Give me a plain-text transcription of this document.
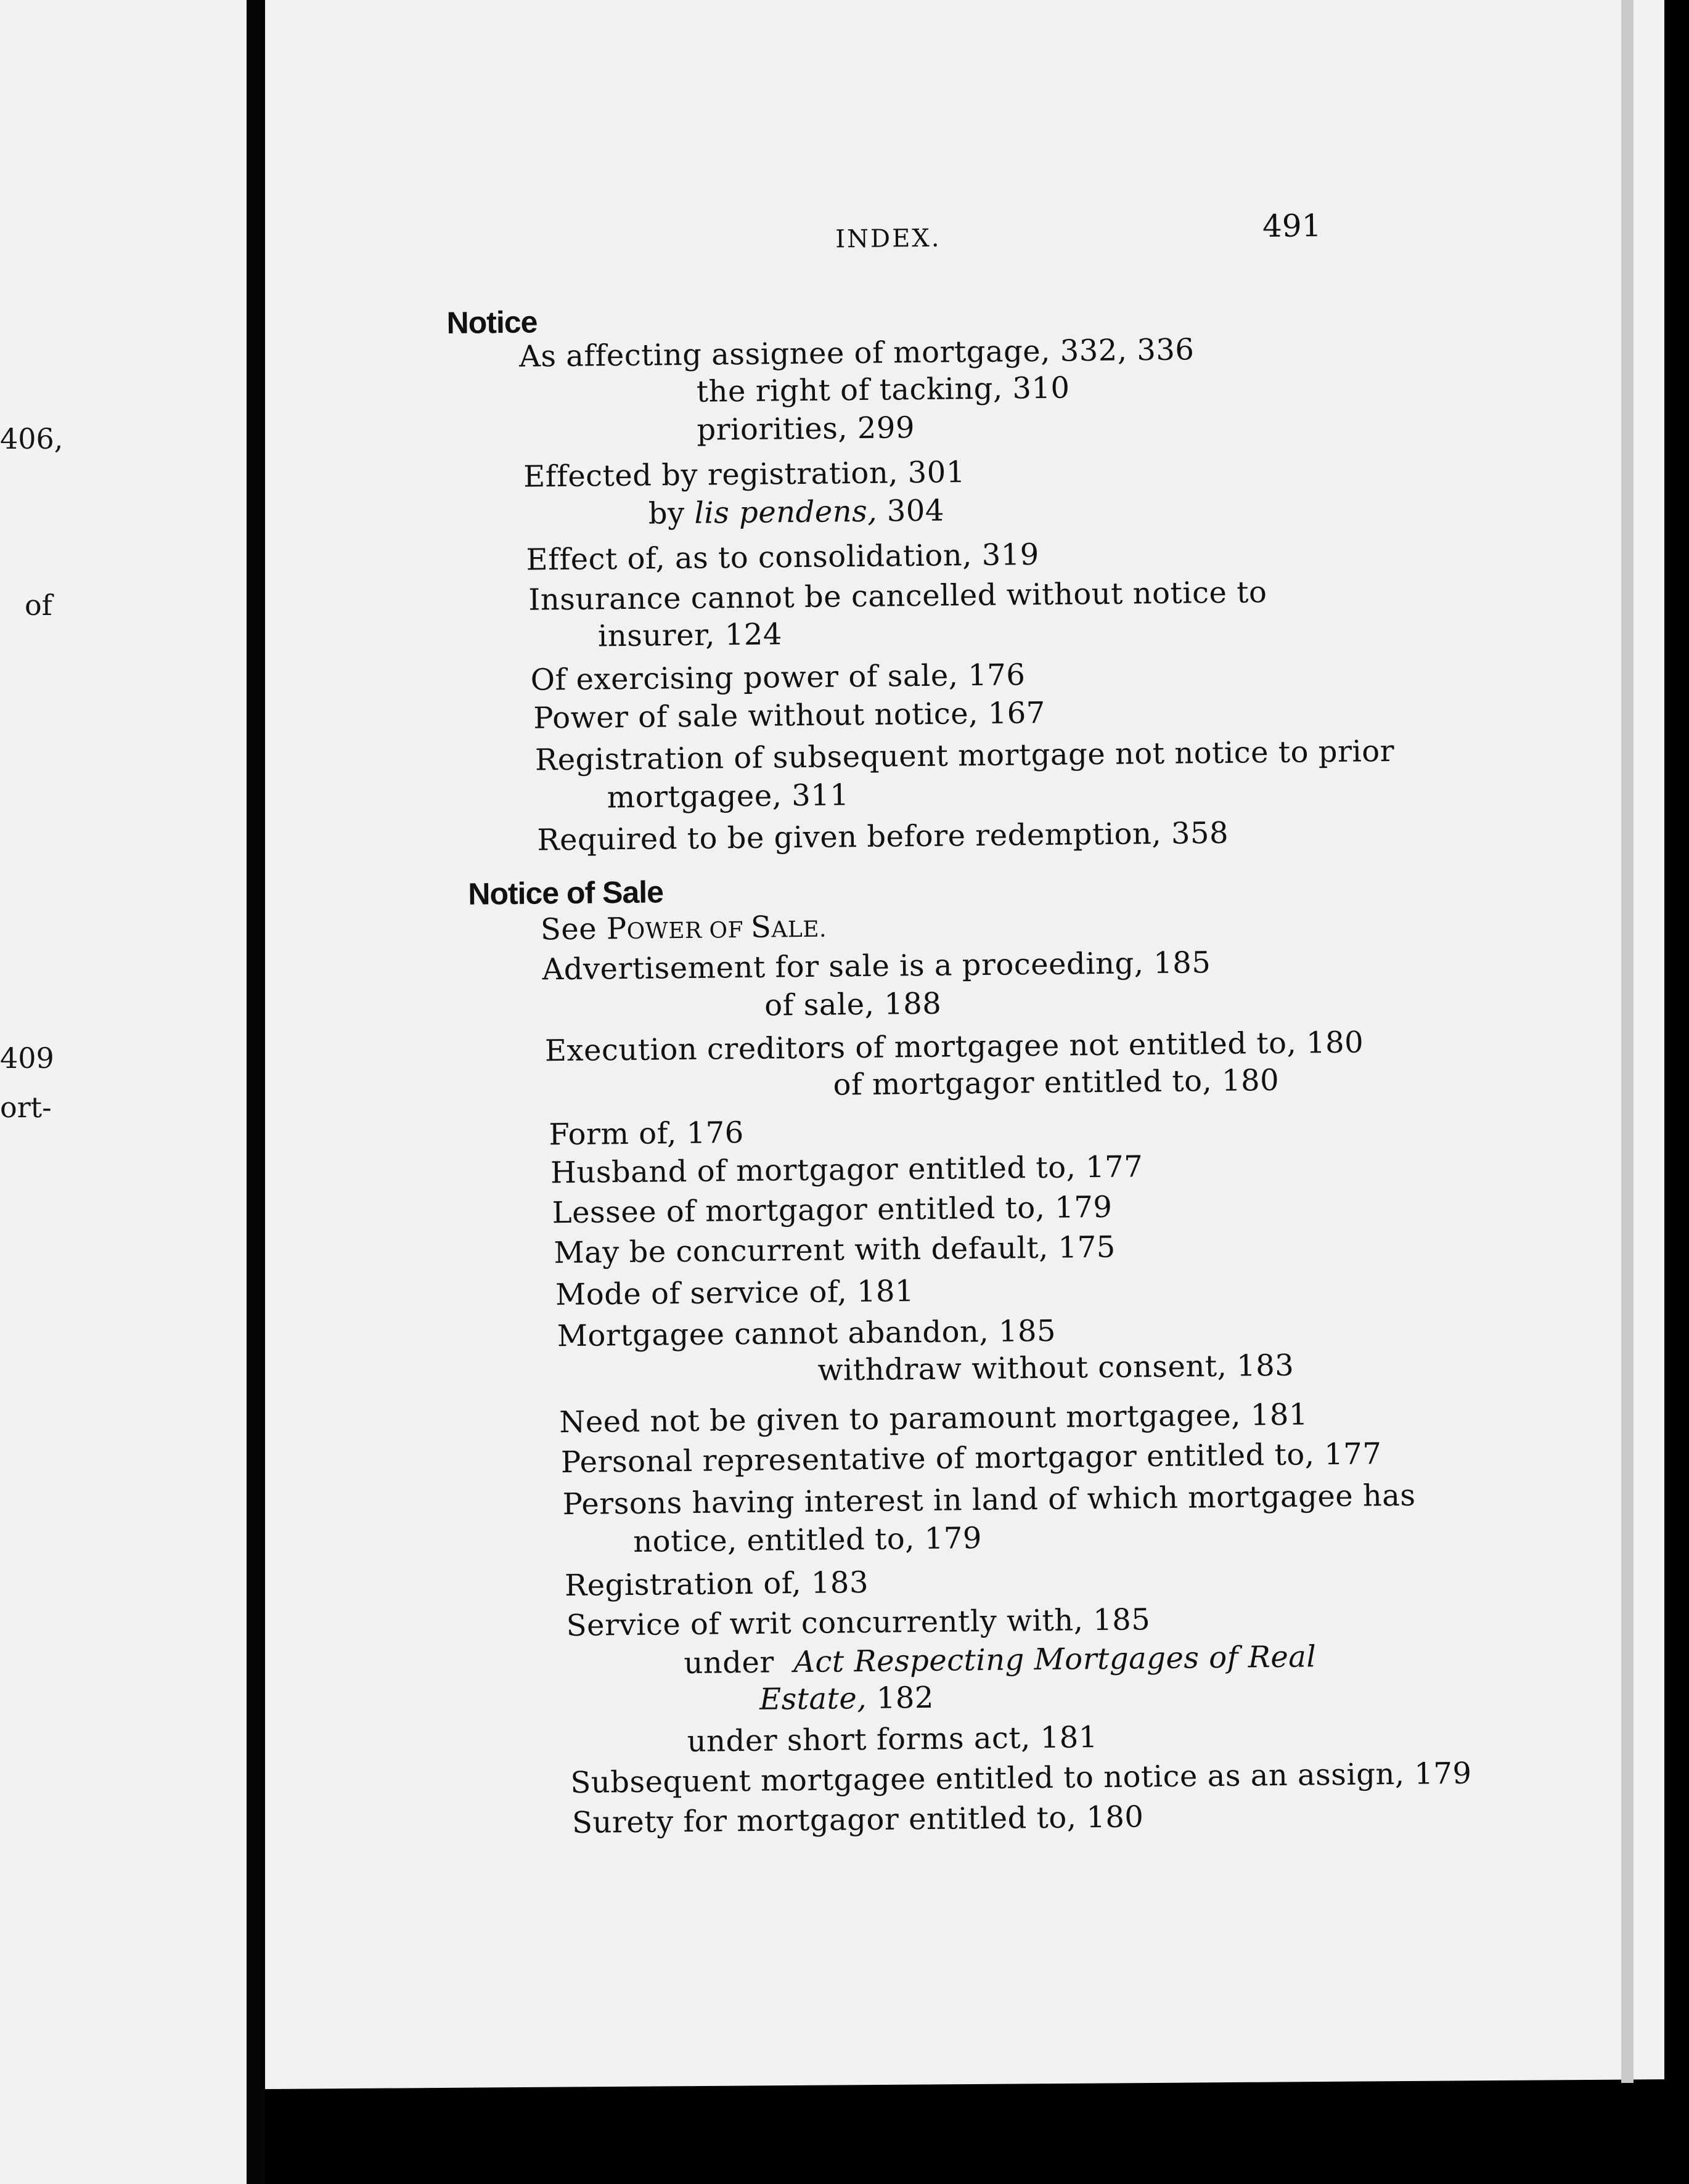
406,
of
409
ort-
INDEX.	491
Notice
As affecting assignee of mortgage, 332, 336
the right of tacking, 310
priorities, 299
Effected by registration, 301
by lis pendens, 304
Effect of, as to consolidation, 319
Insurance cannot be cancelled without notice to
insurer, 124
Of exercising power of sale, 176
Power of sale without notice, 167
Registration of subsequent mortgage not notice to prior
mortgagee, 311
Required to be given before redemption, 358
Notice of Sale
See POWER OF SALE.
Advertisement for sale is a proceeding, 185
of sale, 188
Execution creditors of mortgagee not entitled to, 180
of mortgagor entitled to, 180
Form of, 176
Husband of mortgagor entitled to, 177
Lessee of mortgagor entitled to, 179
May be concurrent with default, 175
Mode of service of, 181
Mortgagee cannot abandon, 185
withdraw without consent, 183
Need not be given to paramount mortgagee, 181
Personal representative of mortgagor entitled to, 177
Persons having interest in land of which mortgagee has
notice, entitled to, 179
Registration of, 183
Service of writ concurrently with, 185
under Act Respecting Mortgages of Real
Estate, 182
under short forms act, 181
Subsequent mortgagee entitled to notice as an assign, 179
Surety for mortgagor entitled to, 180
